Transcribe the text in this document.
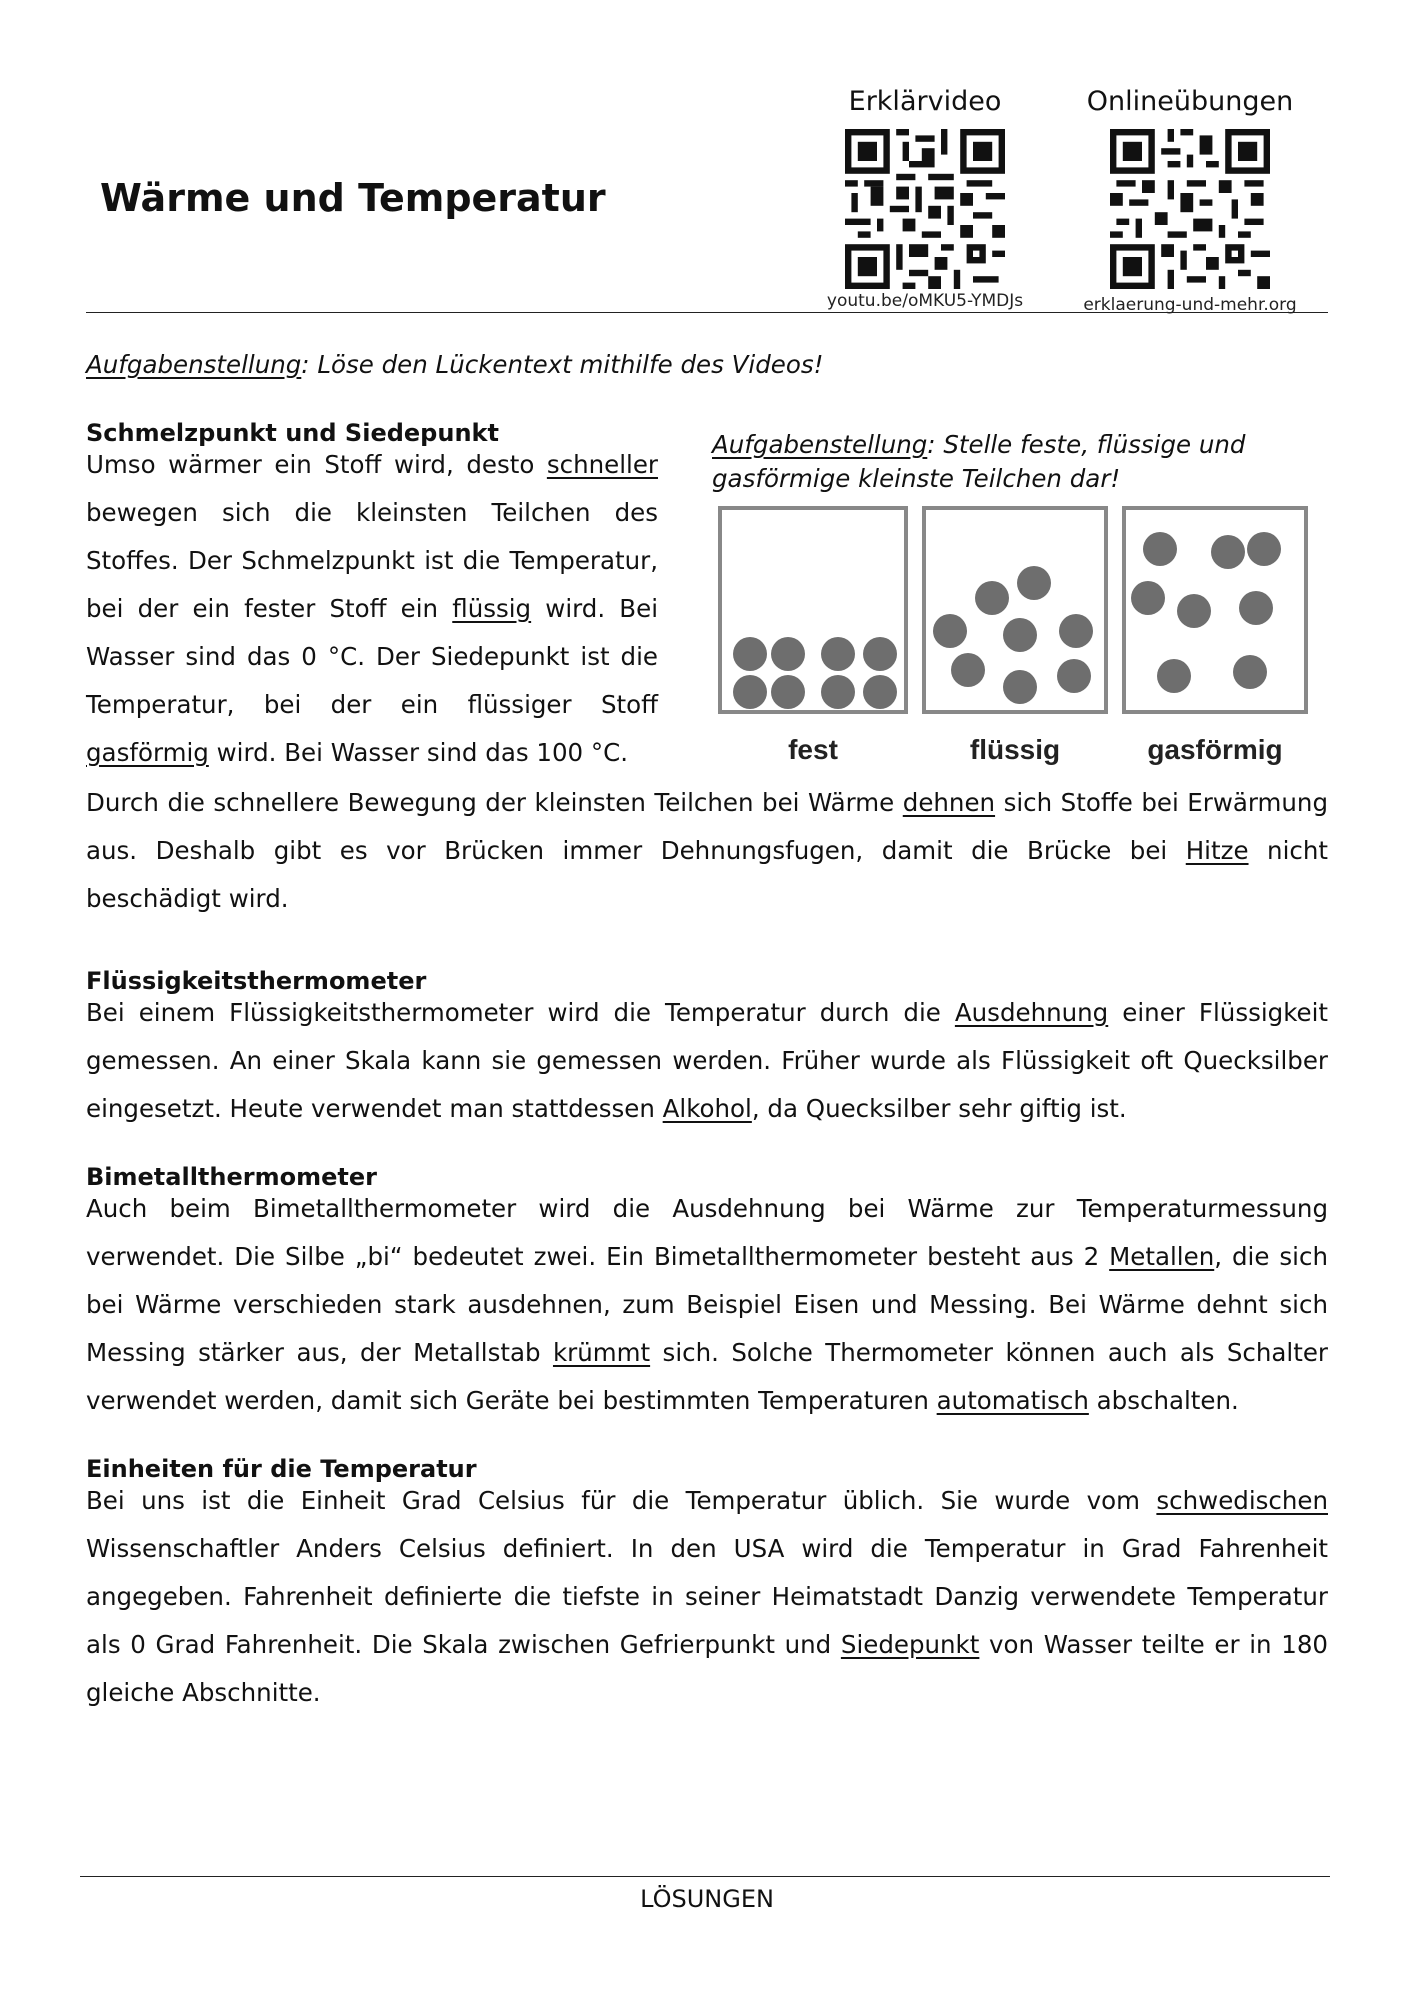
Wärme und Temperatur
Erklärvideo
youtu.be/oMKU5-YMDJs
Onlineübungen
erklaerung-und-mehr.org
Aufgabenstellung: Löse den Lückentext mithilfe des Videos!
Schmelzpunkt und Siedepunkt
Umso wärmer ein Stoff wird, desto schneller bewegen sich die kleinsten Teilchen des Stoffes. Der Schmelzpunkt ist die Temperatur, bei der ein fester Stoff ein flüssig wird. Bei Wasser sind das 0 °C. Der Siedepunkt ist die Temperatur, bei der ein flüssiger Stoff gasförmig wird. Bei Wasser sind das 100 °C.
Aufgabenstellung: Stelle feste, flüssige und
gasförmige kleinste Teilchen dar!
fest	flüssig	gasförmig
Durch die schnellere Bewegung der kleinsten Teilchen bei Wärme dehnen sich Stoffe bei Erwärmung aus. Deshalb gibt es vor Brücken immer Dehnungsfugen, damit die Brücke bei Hitze nicht beschädigt wird.
Flüssigkeitsthermometer
Bei einem Flüssigkeitsthermometer wird die Temperatur durch die Ausdehnung einer Flüssigkeit gemessen. An einer Skala kann sie gemessen werden. Früher wurde als Flüssigkeit oft Quecksilber eingesetzt. Heute verwendet man stattdessen Alkohol, da Quecksilber sehr giftig ist.
Bimetallthermometer
Auch beim Bimetallthermometer wird die Ausdehnung bei Wärme zur Temperaturmessung verwendet. Die Silbe „bi“ bedeutet zwei. Ein Bimetallthermometer besteht aus 2 Metallen, die sich bei Wärme verschieden stark ausdehnen, zum Beispiel Eisen und Messing. Bei Wärme dehnt sich Messing stärker aus, der Metallstab krümmt sich. Solche Thermometer können auch als Schalter verwendet werden, damit sich Geräte bei bestimmten Temperaturen automatisch abschalten.
Einheiten für die Temperatur
Bei uns ist die Einheit Grad Celsius für die Temperatur üblich. Sie wurde vom schwedischen Wissenschaftler Anders Celsius definiert. In den USA wird die Temperatur in Grad Fahrenheit angegeben. Fahrenheit definierte die tiefste in seiner Heimatstadt Danzig verwendete Temperatur als 0 Grad Fahrenheit. Die Skala zwischen Gefrierpunkt und Siedepunkt von Wasser teilte er in 180 gleiche Abschnitte.
LÖSUNGEN
